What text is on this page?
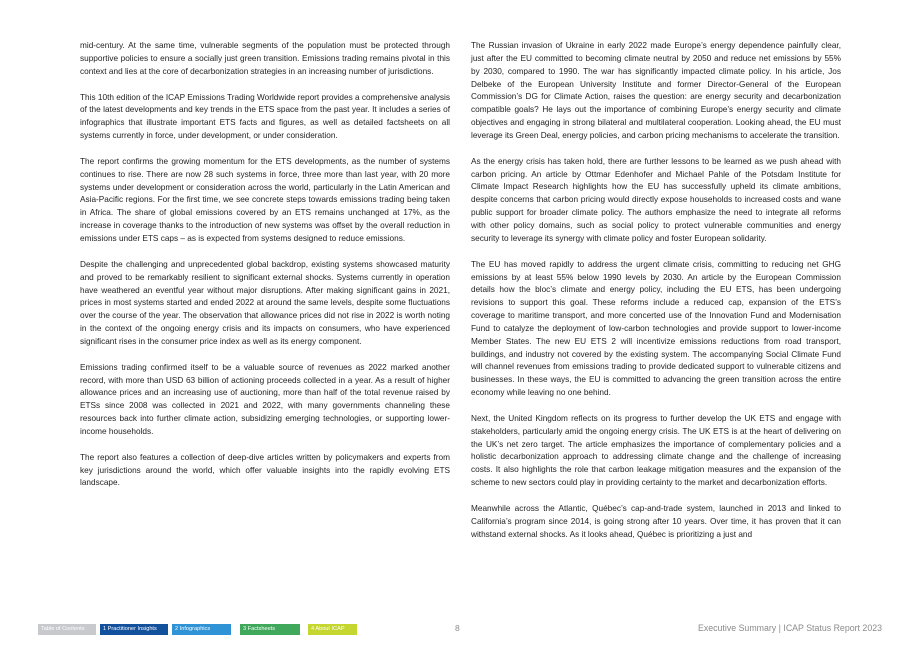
mid-century. At the same time, vulnerable segments of the population must be protected through supportive policies to ensure a socially just green transition. Emissions trading remains pivotal in this context and lies at the core of decarbonization strategies in an increasing number of jurisdictions.

This 10th edition of the ICAP Emissions Trading Worldwide report provides a comprehensive analysis of the latest developments and key trends in the ETS space from the past year. It includes a series of infographics that illustrate important ETS facts and figures, as well as detailed factsheets on all systems currently in force, under development, or under consideration.

The report confirms the growing momentum for the ETS developments, as the number of systems continues to rise. There are now 28 such systems in force, three more than last year, with 20 more systems under development or consideration across the world, particularly in the Latin American and Asia-Pacific regions. For the first time, we see concrete steps towards emissions trading being taken in Africa. The share of global emissions covered by an ETS remains unchanged at 17%, as the increase in coverage thanks to the introduction of new systems was offset by the overall reduction in emissions under ETS caps – as is expected from systems designed to reduce emissions.

Despite the challenging and unprecedented global backdrop, existing systems showcased maturity and proved to be remarkably resilient to significant external shocks. Systems currently in operation have weathered an eventful year without major disruptions. After making significant gains in 2021, prices in most systems started and ended 2022 at around the same levels, despite some fluctuations over the course of the year. The observation that allowance prices did not rise in 2022 is worth noting in the context of the ongoing energy crisis and its impacts on consumers, who have experienced significant rises in the consumer price index as well as its energy component.

Emissions trading confirmed itself to be a valuable source of revenues as 2022 marked another record, with more than USD 63 billion of actioning proceeds collected in a year. As a result of higher allowance prices and an increasing use of auctioning, more than half of the total revenue raised by ETSs since 2008 was collected in 2021 and 2022, with many governments channeling these resources back into further climate action, subsidizing emerging technologies, or supporting lower-income households.

The report also features a collection of deep-dive articles written by policymakers and experts from key jurisdictions around the world, which offer valuable insights into the rapidly evolving ETS landscape.

The Russian invasion of Ukraine in early 2022 made Europe’s energy dependence painfully clear, just after the EU committed to becoming climate neutral by 2050 and reduce net emissions by 55% by 2030, compared to 1990. The war has significantly impacted climate policy. In his article, Jos Delbeke of the European University Institute and former Director-General of the European Commission’s DG for Climate Action, raises the question: are energy security and decarbonization compatible goals? He lays out the importance of combining Europe’s energy security and climate objectives and engaging in strong bilateral and multilateral cooperation. Looking ahead, the EU must leverage its Green Deal, energy policies, and carbon pricing mechanisms to accelerate the transition.

As the energy crisis has taken hold, there are further lessons to be learned as we push ahead with carbon pricing. An article by Ottmar Edenhofer and Michael Pahle of the Potsdam Institute for Climate Impact Research highlights how the EU has successfully upheld its climate ambitions, despite concerns that carbon pricing would directly expose households to increased costs and wane public support for broader climate policy. The authors emphasize the need to integrate all reforms with other policy domains, such as social policy to protect vulnerable communities and energy security to leverage its synergy with climate policy and foster European solidarity.

The EU has moved rapidly to address the urgent climate crisis, committing to reducing net GHG emissions by at least 55% below 1990 levels by 2030. An article by the European Commission details how the bloc’s climate and energy policy, including the EU ETS, has been undergoing revisions to support this goal. These reforms include a reduced cap, expansion of the ETS’s coverage to maritime transport, and more concerted use of the Innovation Fund and Modernisation Fund to catalyze the deployment of low-carbon technologies and provide support to lower-income Member States. The new EU ETS 2 will incentivize emissions reductions from road transport, buildings, and industry not covered by the existing system. The accompanying Social Climate Fund will channel revenues from emissions trading to provide dedicated support to vulnerable citizens and businesses. In these ways, the EU is committed to advancing the green transition across the entire economy while leaving no one behind.

Next, the United Kingdom reflects on its progress to further develop the UK ETS and engage with stakeholders, particularly amid the ongoing energy crisis. The UK ETS is at the heart of delivering on the UK’s net zero target. The article emphasizes the importance of complementary policies and a holistic decarbonization approach to addressing climate change and the challenge of increasing costs. It also highlights the role that carbon leakage mitigation measures and the expansion of the scheme to new sectors could play in providing certainty to the market and decarbonization efforts.

Meanwhile across the Atlantic, Québec’s cap-and-trade system, launched in 2013 and linked to California’s program since 2014, is going strong after 10 years. Over time, it has proven that it can withstand external shocks. As it looks ahead, Québec is prioritizing a just and

Table of Contents	1 Practitioner Insights	2 Infographics	3 Factsheets	4 About ICAP	8	Executive Summary | ICAP Status Report 2023
